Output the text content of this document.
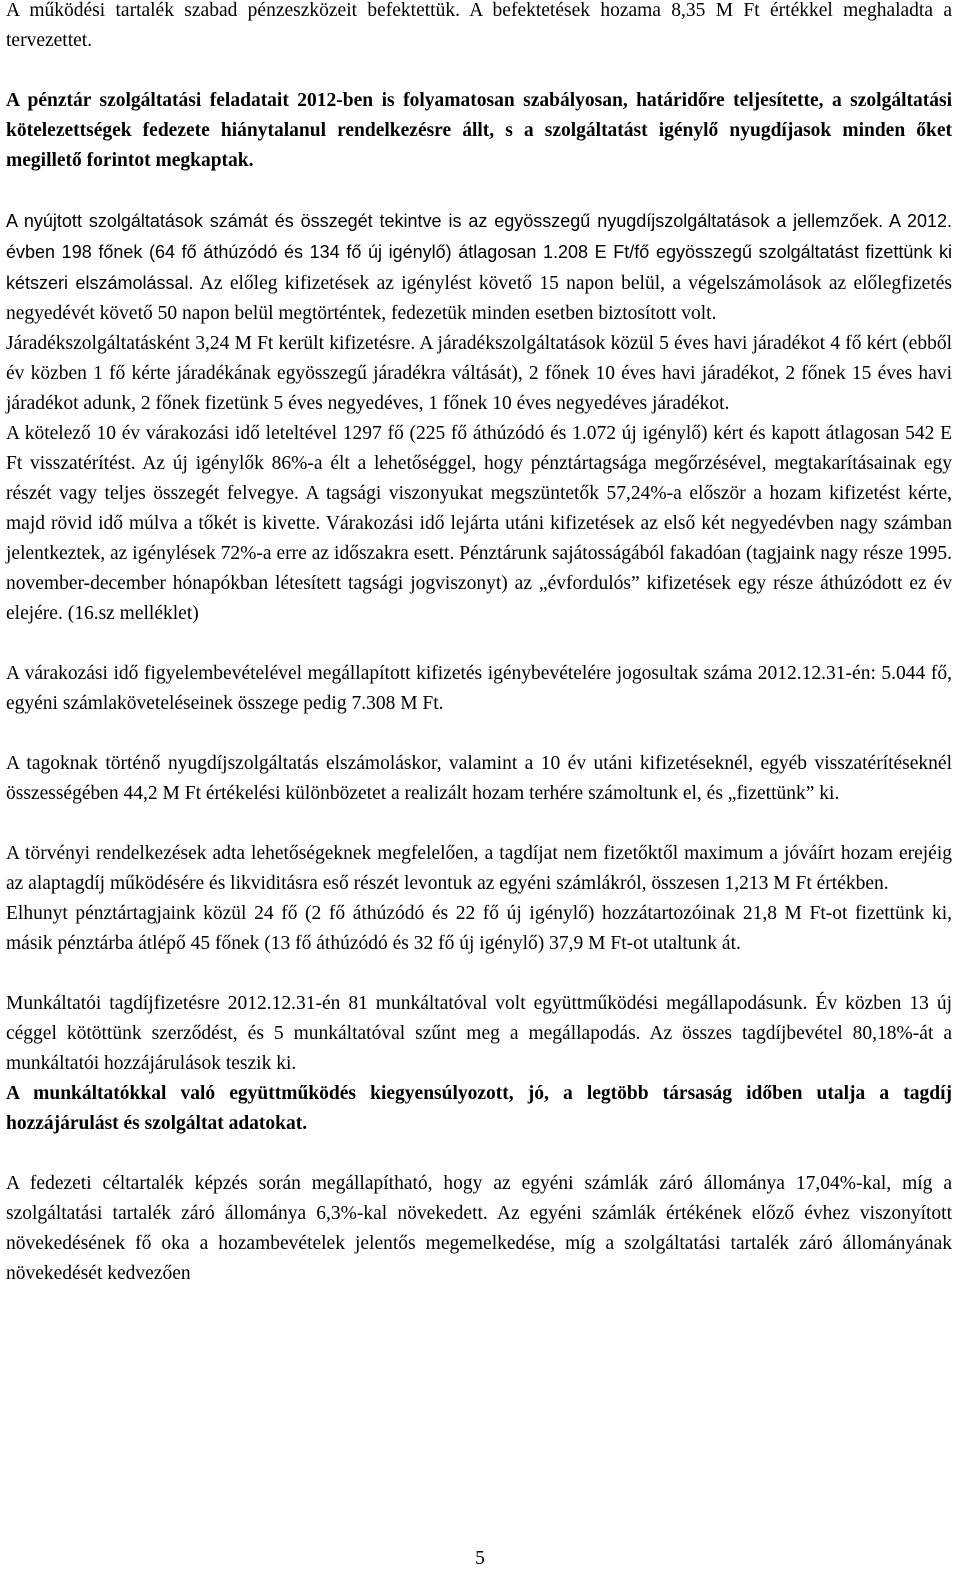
A működési tartalék szabad pénzeszközeit befektettük. A befektetések hozama 8,35 M Ft értékkel meghaladta a tervezettet.

A pénztár szolgáltatási feladatait 2012-ben is folyamatosan szabályosan, határidőre teljesítette, a szolgáltatási kötelezettségek fedezete hiánytalanul rendelkezésre állt, s a szolgáltatást igénylő nyugdíjasok minden őket megillető forintot megkaptak.

A nyújtott szolgáltatások számát és összegét tekintve is az egyösszegű nyugdíjszolgáltatások a jellemzőek. A 2012. évben 198 főnek (64 fő áthúzódó és 134 fő új igénylő) átlagosan 1.208 E Ft/fő egyösszegű szolgáltatást fizettünk ki kétszeri elszámolással. Az előleg kifizetések az igénylést követő 15 napon belül, a végelszámolások az előlegfizetés negyedévét követő 50 napon belül megtörténtek, fedezetük minden esetben biztosított volt.

Járadékszolgáltatásként 3,24 M Ft került kifizetésre. A járadékszolgáltatások közül 5 éves havi járadékot 4 fő kért (ebből év közben 1 fő kérte járadékának egyösszegű járadékra váltását), 2 főnek 10 éves havi járadékot, 2 főnek 15 éves havi járadékot adunk, 2 főnek fizetünk 5 éves negyedéves, 1 főnek 10 éves negyedéves járadékot.

A kötelező 10 év várakozási idő leteltével 1297 fő (225 fő áthúzódó és 1.072 új igénylő) kért és kapott átlagosan 542 E Ft visszatérítést. Az új igénylők 86%-a élt a lehetőséggel, hogy pénztártagsága megőrzésével, megtakarításainak egy részét vagy teljes összegét felvegye. A tagsági viszonyukat megszüntetők 57,24%-a először a hozam kifizetést kérte, majd rövid idő múlva a tőkét is kivette. Várakozási idő lejárta utáni kifizetések az első két negyedévben nagy számban jelentkeztek, az igénylések 72%-a erre az időszakra esett. Pénztárunk sajátosságából fakadóan (tagjaink nagy része 1995. november-december hónapókban létesített tagsági jogviszonyt) az „évfordulós” kifizetések egy része áthúzódott ez év elejére. (16.sz melléklet)

A várakozási idő figyelembevételével megállapított kifizetés igénybevételére jogosultak száma 2012.12.31-én: 5.044 fő, egyéni számlaköveteléseinek összege pedig 7.308 M Ft.

A tagoknak történő nyugdíjszolgáltatás elszámoláskor, valamint a 10 év utáni kifizetéseknél, egyéb visszatérítéseknél összességében 44,2 M Ft értékelési különbözetet a realizált hozam terhére számoltunk el, és „fizettünk” ki.

A törvényi rendelkezések adta lehetőségeknek megfelelően, a tagdíjat nem fizetőktől maximum a jóváírt hozam erejéig az alaptagdíj működésére és likviditásra eső részét levontuk az egyéni számlákról, összesen 1,213 M Ft értékben.

Elhunyt pénztártagjaink közül 24 fő (2 fő áthúzódó és 22 fő új igénylő) hozzátartozóinak 21,8 M Ft-ot fizettünk ki, másik pénztárba átlépő 45 főnek (13 fő áthúzódó és 32 fő új igénylő) 37,9 M Ft-ot utaltunk át.

Munkáltatói tagdíjfizetésre 2012.12.31-én 81 munkáltatóval volt együttműködési megállapodásunk. Év közben 13 új céggel kötöttünk szerződést, és 5 munkáltatóval szűnt meg a megállapodás. Az összes tagdíjbevétel 80,18%-át a munkáltatói hozzájárulások teszik ki.

A munkáltatókkal való együttműködés kiegyensúlyozott, jó, a legtöbb társaság időben utalja a tagdíj hozzájárulást és szolgáltat adatokat.

A fedezeti céltartalék képzés során megállapítható, hogy az egyéni számlák záró állománya 17,04%-kal, míg a szolgáltatási tartalék záró állománya 6,3%-kal növekedett. Az egyéni számlák értékének előző évhez viszonyított növekedésének fő oka a hozambevételek jelentős megemelkedése, míg a szolgáltatási tartalék záró állományának növekedését kedvezően

5
